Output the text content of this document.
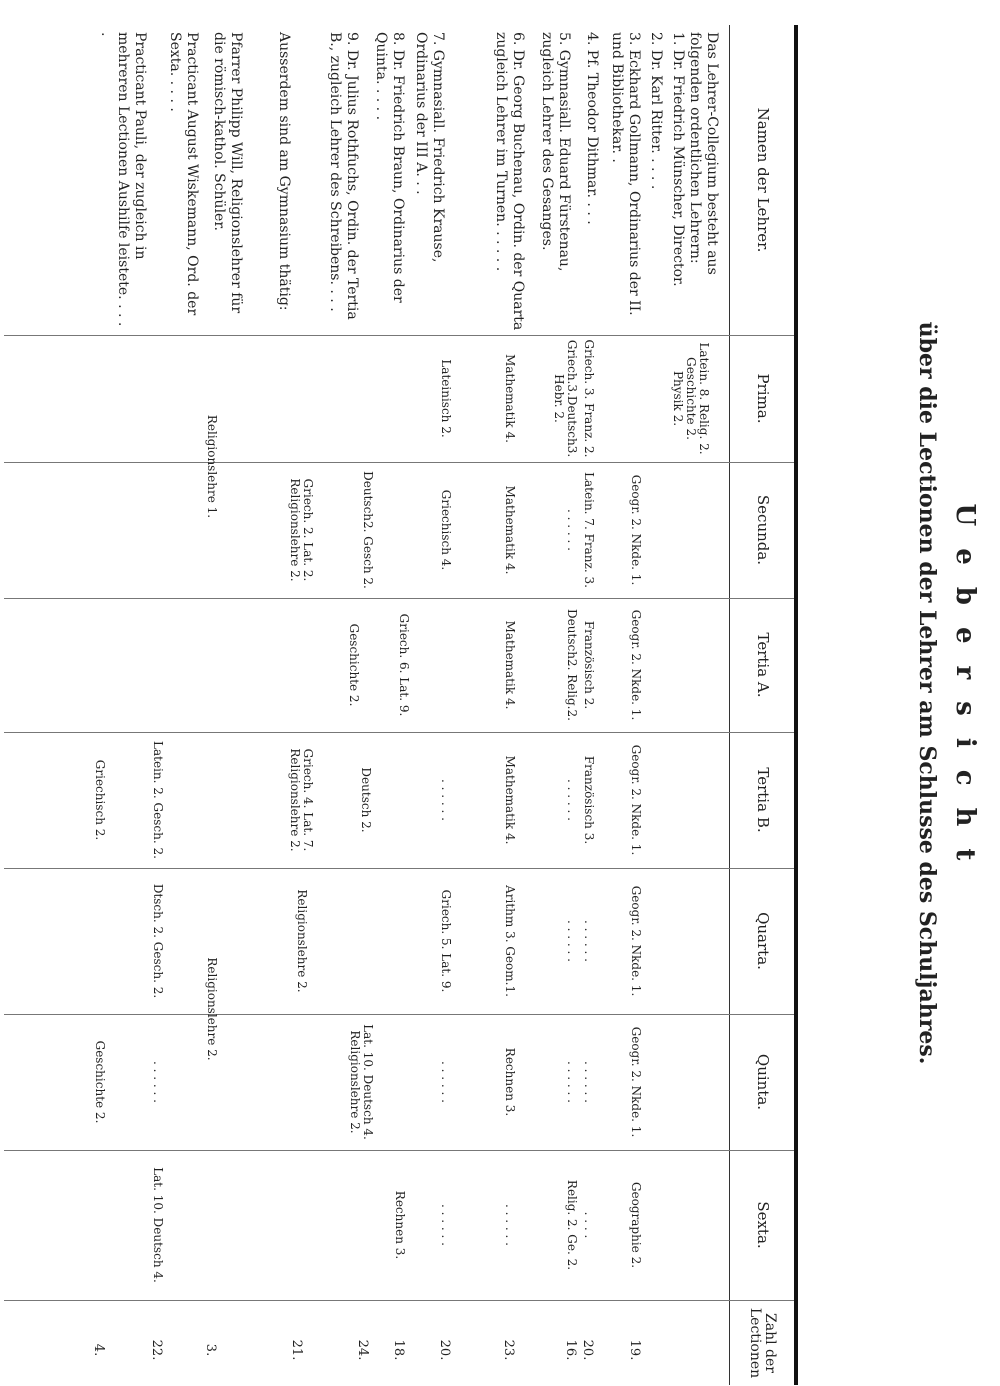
Uebersicht
über die Lectionen der Lehrer am Schlusse des Schuljahres.
Namen der Lehrer.
Prima.
Secunda.
Tertia A.
Tertia B.
Quarta.
Quinta.
Sexta.
Zahl der Lectionen
Das Lehrer-Collegium besteht aus folgenden ordentlichen Lehrern:
1. Dr. Friedrich Münscher, Director.
2. Dr. Karl Ritter. . . . .
3. Eckhard Gollmann, Ordinarius der II. und Bibliothekar. .
4. Pf. Theodor Dithmar. . . .
5. Gymnasiall. Eduard Fürstenau, zugleich Lehrer des Gesanges.
6. Dr. Georg Buchenau, Ordin. der Quarta zugleich Lehrer im Turnen. . . . . .
7. Gymnasiall. Friedrich Krause, Ordinarius der III A. . .
8. Dr. Friedrich Braun, Ordinarius der Quinta. . . . .
9. Dr. Julius Rothfuchs, Ordin. der Tertia B., zugleich Lehrer des Schreibens. . . .
Ausserdem sind am Gymnasium thätig:
Pfarrer Philipp Will, Religionslehrer für die römisch-kathol. Schüler.
Practicant August Wiskemann, Ord. der Sexta. . . . .
Practicant Pauli, der zugleich in mehreren Lectionen Aushilfe leistete. . . . .
Latein. 8. Relig. 2.
Geschichte 2.
Physik 2.
Geogr. 2. Nkde. 1.
Geogr. 2. Nkde. 1.
Geogr. 2. Nkde. 1.
Geogr. 2. Nkde. 1.
Geogr. 2. Nkde. 1.
Geographie 2.
Griech. 3. Franz. 2.
Latein. 7. Franz. 3.
Französisch 2.
Französisch 3.
. . . . . .
. . . . . .
. . . .
Griech.3.Deutsch3.
Hebr. 2.
. . . . . .
Deutsch2. Relig.2.
. . . . . .
. . . . . .
. . . . . .
Relig. 2. Ge. 2.
Mathematik 4.
Mathematik 4.
Mathematik 4.
Mathematik 4.
Arithm 3. Geom.1.
Rechnen 3.
. . . . . .
Lateinisch 2.
Griechisch 4.
Griech. 6. Lat. 9.
. . . . . .
Griech. 5. Lat. 9.
. . . . . .
. . . . . .
Rechnen 3.
Deutsch2. Gesch 2.
Geschichte 2.
Deutsch 2.
Lat. 10. Deutsch 4.
Religionslehre 2.
Griech. 2. Lat. 2.
Religionslehre 2.
Griech. 4. Lat. 7.
Religionslehre 2.
Religionslehre 2.
Religionslehre 1.
Religionslehre 2.
Latein. 2. Gesch. 2.
Dtsch. 2. Gesch. 2.
. . . . . .
Lat. 10. Deutsch 4.
Griechisch 2.
Geschichte 2.
19.
20.
16.
23.
20.
18.
24.
21.
3.
22.
4.
